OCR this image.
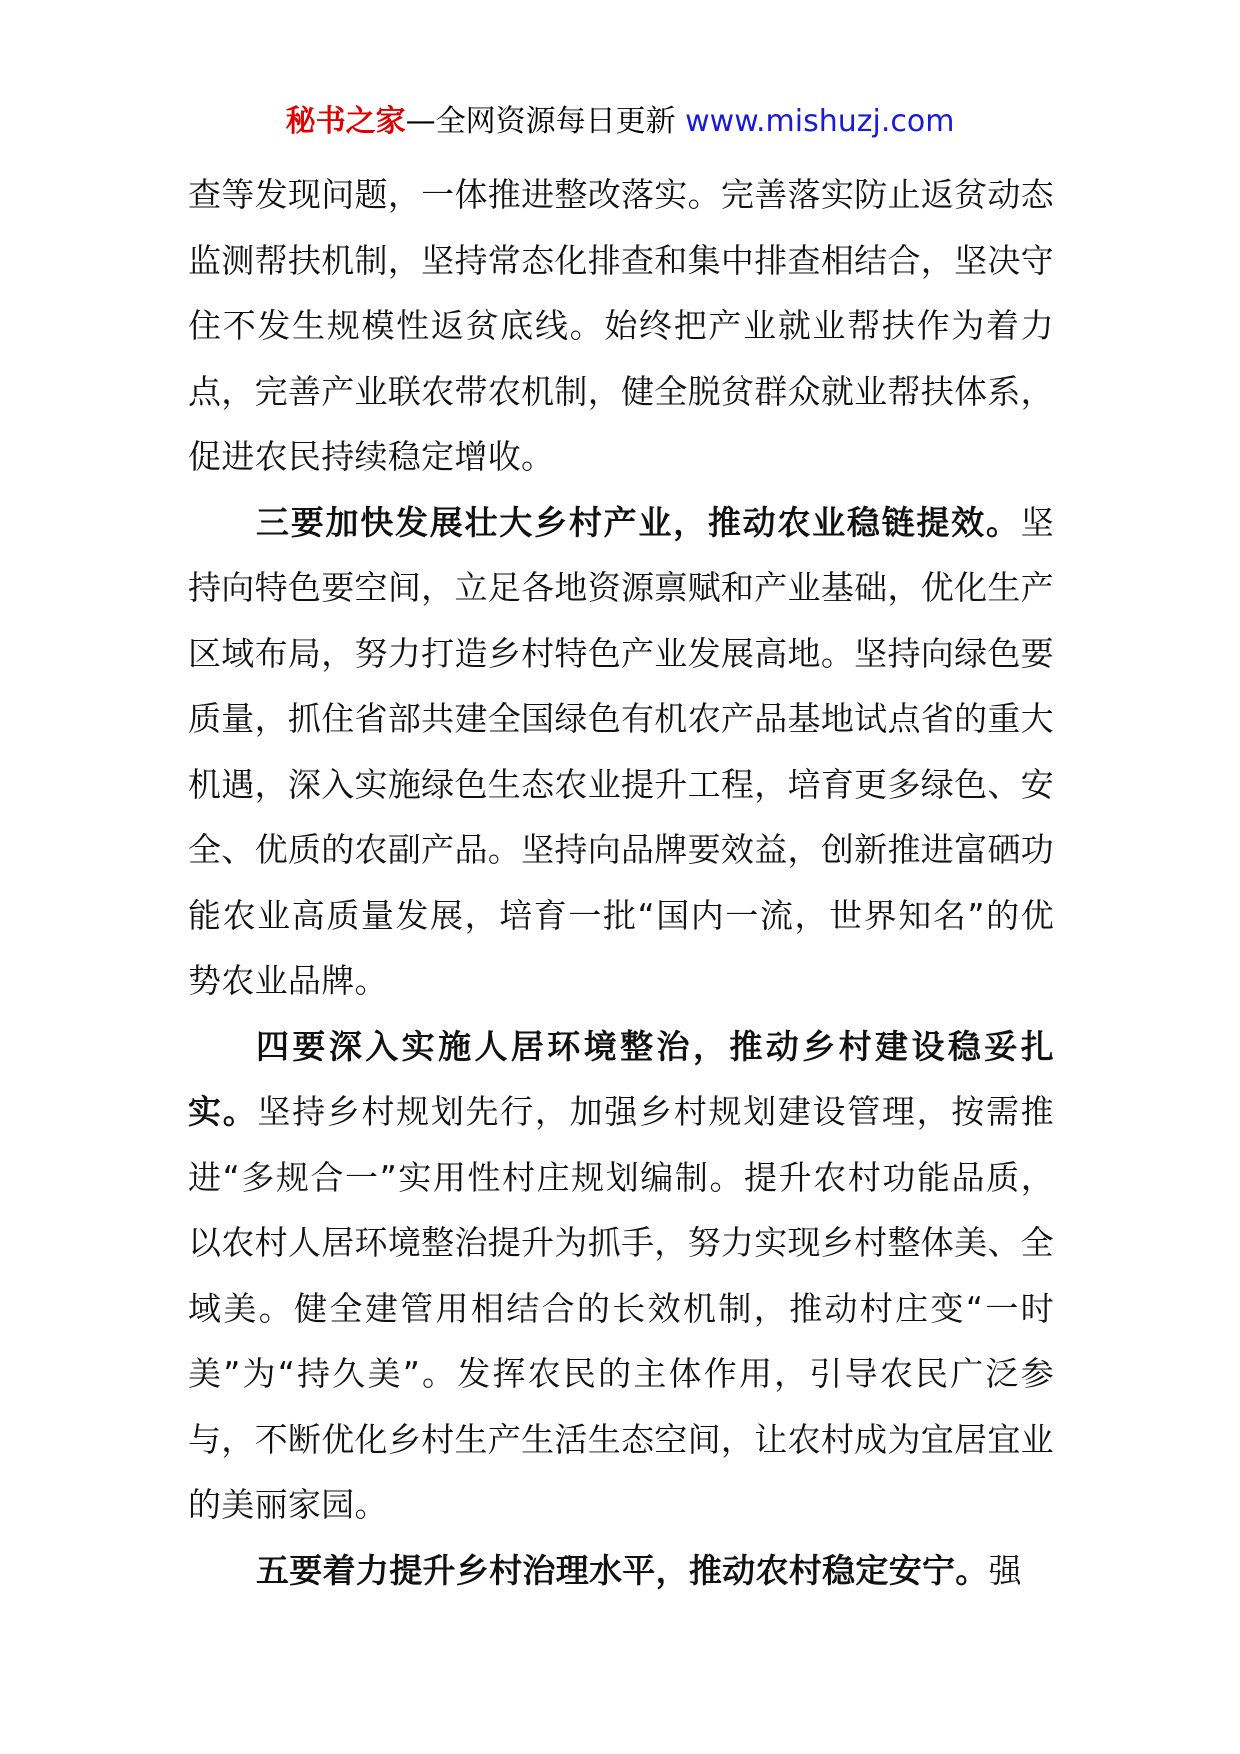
秘书之家—全网资源每日更新 www.mishuzj.com

查等发现问题，一体推进整改落实。完善落实防止返贫动态监测帮扶机制，坚持常态化排查和集中排查相结合，坚决守住不发生规模性返贫底线。始终把产业就业帮扶作为着力点，完善产业联农带农机制，健全脱贫群众就业帮扶体系，促进农民持续稳定增收。

三要加快发展壮大乡村产业，推动农业稳链提效。坚持向特色要空间，立足各地资源禀赋和产业基础，优化生产区域布局，努力打造乡村特色产业发展高地。坚持向绿色要质量，抓住省部共建全国绿色有机农产品基地试点省的重大机遇，深入实施绿色生态农业提升工程，培育更多绿色、安全、优质的农副产品。坚持向品牌要效益，创新推进富硒功能农业高质量发展，培育一批“国内一流，世界知名”的优势农业品牌。

四要深入实施人居环境整治，推动乡村建设稳妥扎实。坚持乡村规划先行，加强乡村规划建设管理，按需推进“多规合一”实用性村庄规划编制。提升农村功能品质，以农村人居环境整治提升为抓手，努力实现乡村整体美、全域美。健全建管用相结合的长效机制，推动村庄变“一时美”为“持久美”。发挥农民的主体作用，引导农民广泛参与，不断优化乡村生产生活生态空间，让农村成为宜居宜业的美丽家园。

五要着力提升乡村治理水平，推动农村稳定安宁。强
